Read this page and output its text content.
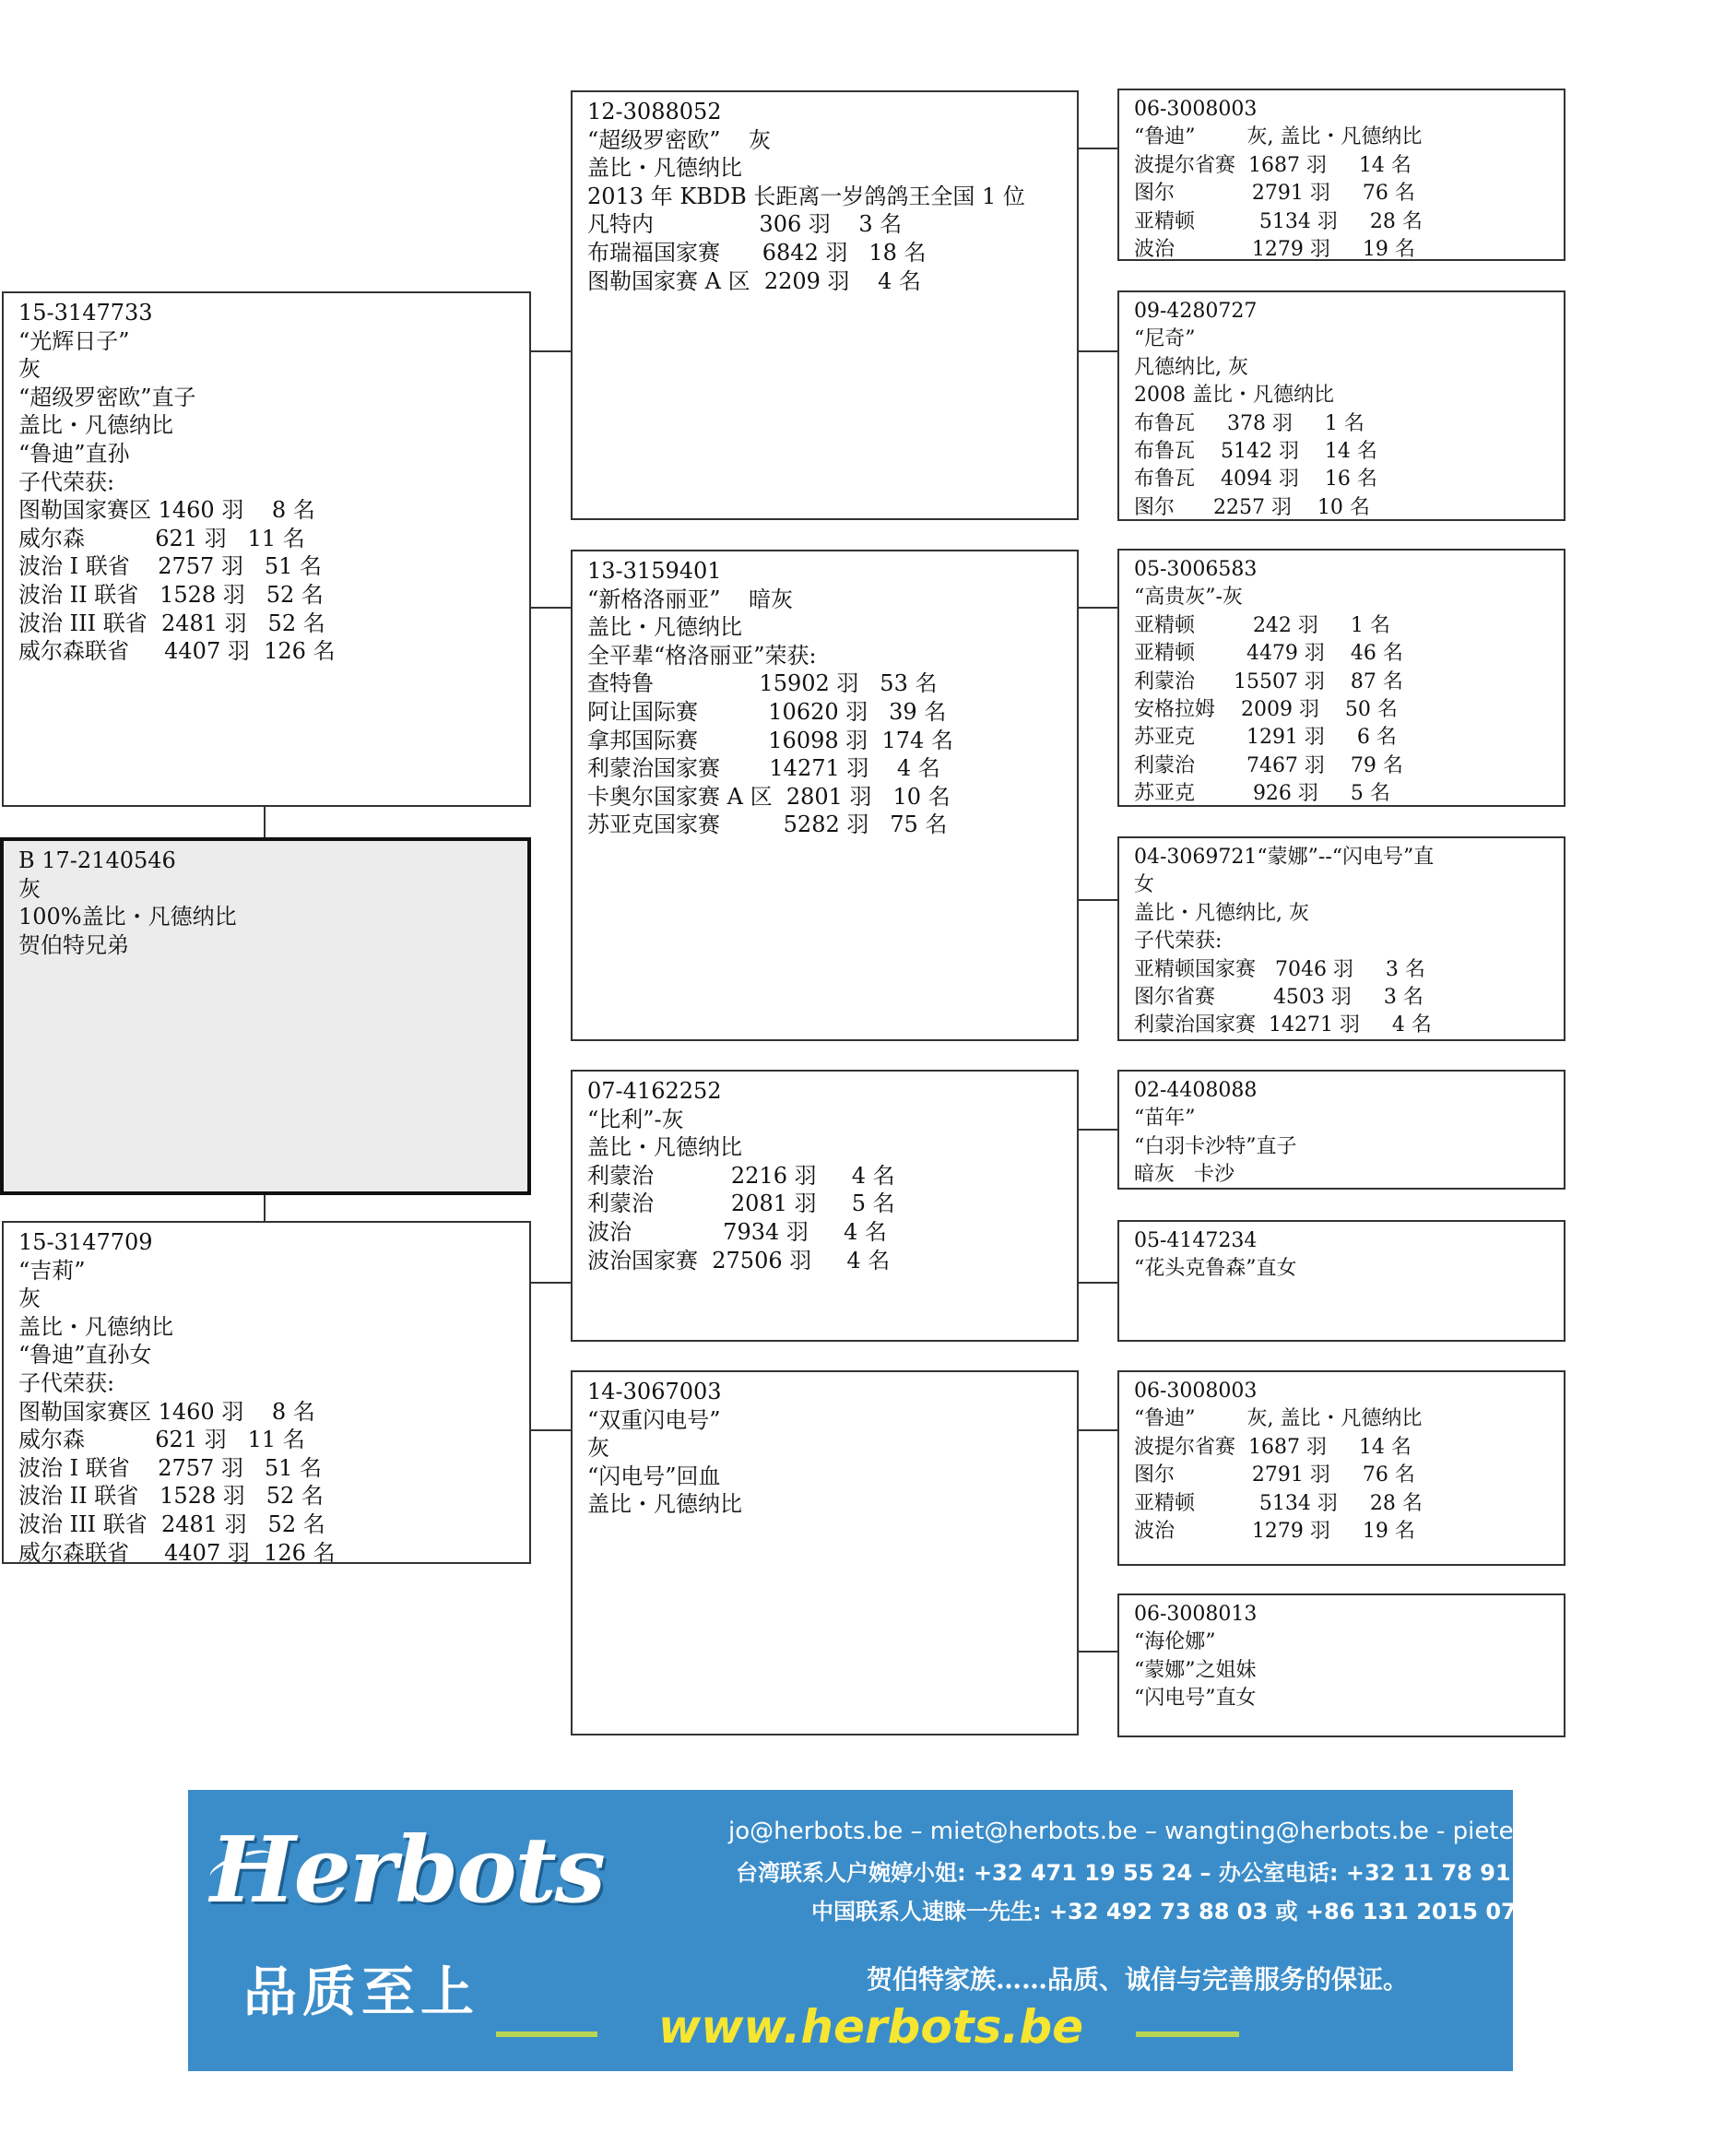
15-3147733
“光辉日子”
灰
“超级罗密欧”直子
盖比・凡德纳比
“鲁迪”直孙
子代荣获:
图勒国家赛区 1460 羽    8 名
威尔森          621 羽   11 名
波治 I 联省    2757 羽   51 名
波治 II 联省   1528 羽   52 名
波治 III 联省  2481 羽   52 名
威尔森联省     4407 羽  126 名
B 17-2140546
灰
100%盖比・凡德纳比
贺伯特兄弟
15-3147709
“吉莉”
灰
盖比・凡德纳比
“鲁迪”直孙女
子代荣获:
图勒国家赛区 1460 羽    8 名
威尔森          621 羽   11 名
波治 I 联省    2757 羽   51 名
波治 II 联省   1528 羽   52 名
波治 III 联省  2481 羽   52 名
威尔森联省     4407 羽  126 名
12-3088052
“超级罗密欧”    灰
盖比・凡德纳比
2013 年 KBDB 长距离一岁鸽鸽王全国 1 位
凡特内               306 羽    3 名
布瑞福国家赛      6842 羽   18 名
图勒国家赛 A 区  2209 羽    4 名
13-3159401
“新格洛丽亚”    暗灰
盖比・凡德纳比
全平辈“格洛丽亚”荣获:
查特鲁               15902 羽   53 名
阿让国际赛          10620 羽   39 名
拿邦国际赛          16098 羽  174 名
利蒙治国家赛       14271 羽    4 名
卡奥尔国家赛 A 区  2801 羽   10 名
苏亚克国家赛         5282 羽   75 名
07-4162252
“比利”-灰
盖比・凡德纳比
利蒙治           2216 羽     4 名
利蒙治           2081 羽     5 名
波治             7934 羽     4 名
波治国家赛  27506 羽     4 名
14-3067003
“双重闪电号”
灰
“闪电号”回血
盖比・凡德纳比
06-3008003
“鲁迪”        灰, 盖比・凡德纳比
波提尔省赛  1687 羽     14 名
图尔            2791 羽     76 名
亚精顿          5134 羽     28 名
波治            1279 羽     19 名
09-4280727
“尼奇”
凡德纳比, 灰
2008 盖比・凡德纳比
布鲁瓦     378 羽     1 名
布鲁瓦    5142 羽    14 名
布鲁瓦    4094 羽    16 名
图尔      2257 羽    10 名
05-3006583
“高贵灰”-灰
亚精顿         242 羽     1 名
亚精顿        4479 羽    46 名
利蒙治      15507 羽    87 名
安格拉姆    2009 羽    50 名
苏亚克        1291 羽     6 名
利蒙治        7467 羽    79 名
苏亚克         926 羽     5 名
04-3069721“蒙娜”--“闪电号”直
女
盖比・凡德纳比, 灰
子代荣获:
亚精顿国家赛   7046 羽     3 名
图尔省赛         4503 羽     3 名
利蒙治国家赛  14271 羽     4 名
02-4408088
“苗年”
“白羽卡沙特”直子
暗灰   卡沙
05-4147234
“花头克鲁森”直女
06-3008003
“鲁迪”        灰, 盖比・凡德纳比
波提尔省赛  1687 羽     14 名
图尔            2791 羽     76 名
亚精顿          5134 羽     28 名
波治            1279 羽     19 名
06-3008013
“海伦娜”
“蒙娜”之姐妹
“闪电号”直女
Herbots
品质至上
jo@herbots.be – miet@herbots.be – wangting@herbots.be - pieterjan@herbots.be
台湾联系人户婉婷小姐: +32 471 19 55 24 – 办公室电话: +32 11 78 91 90
中国联系人速睐一先生: +32 492 73 88 03 或 +86 131 2015 0755
贺伯特家族……品质、诚信与完善服务的保证。
www.herbots.be
